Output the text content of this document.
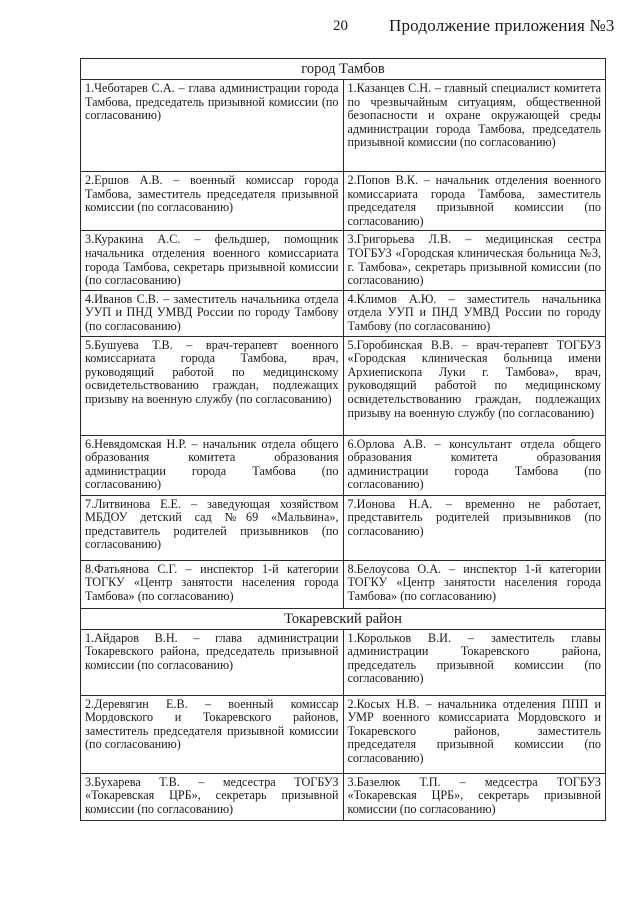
20 Продолжение приложения №3
город Тамбов	
1.Чеботарев С.А. – глава администрации города Тамбова, председатель призывной комиссии (по согласованию)	1.Казанцев С.Н. – главный специалист комитета по чрезвычайным ситуациям, общественной безопасности и охране окружающей среды администрации города Тамбова, председатель призывной комиссии (по согласованию)
2.Ершов А.В. – военный комиссар города Тамбова, заместитель председателя призывной комиссии (по согласованию)	2.Попов В.К. – начальник отделения военного комиссариата города Тамбова, заместитель председателя призывной комиссии (по согласованию)
3.Куракина А.С. – фельдшер, помощник начальника отделения военного комиссариата города Тамбова, секретарь призывной комиссии (по согласованию)	3.Григорьева Л.В. – медицинская сестра ТОГБУЗ «Городская клиническая больница №3, г. Тамбова», секретарь призывной комиссии (по согласованию)
4.Иванов С.В. – заместитель начальника отдела УУП и ПНД УМВД России по городу Тамбову (по согласованию)	4.Климов А.Ю. – заместитель начальника отдела УУП и ПНД УМВД России по городу Тамбову (по согласованию)
5.Бушуева Т.В. – врач-терапевт военного комиссариата города Тамбова, врач, руководящий работой по медицинскому освидетельствованию граждан, подлежащих призыву на военную службу (по согласованию)	5.Горобинская В.В. – врач-терапевт ТОГБУЗ «Городская клиническая больница имени Архиепископа Луки г. Тамбова», врач, руководящий работой по медицинскому освидетельствованию граждан, подлежащих призыву на военную службу (по согласованию)
6.Невядомская Н.Р. – начальник отдела общего образования комитета образования администрации города Тамбова (по согласованию)	6.Орлова А.В. – консультант отдела общего образования комитета образования администрации города Тамбова (по согласованию)
7.Литвинова Е.Е. – заведующая хозяйством МБДОУ детский сад №69 «Мальвина», представитель родителей призывников (по согласованию)	7.Ионова Н.А. – временно не работает, представитель родителей призывников (по согласованию)
8.Фатьянова С.Г. – инспектор 1-й категории ТОГКУ «Центр занятости населения города Тамбова» (по согласованию)	8.Белоусова О.А. – инспектор 1-й категории ТОГКУ «Центр занятости населения города Тамбова» (по согласованию)
Токаревский район	
1.Айдаров В.Н. – глава администрации Токаревского района, председатель призывной комиссии (по согласованию)	1.Корольков В.И. – заместитель главы администрации Токаревского района, председатель призывной комиссии (по согласованию)
2.Деревягин Е.В. – военный комиссар Мордовского и Токаревского районов, заместитель председателя призывной комиссии (по согласованию)	2.Косых Н.В. – начальника отделения ППП и УМР военного комиссариата Мордовского и Токаревского районов, заместитель председателя призывной комиссии (по согласованию)
3.Бухарева Т.В. – медсестра ТОГБУЗ «Токаревская ЦРБ», секретарь призывной комиссии (по согласованию)	3.Базелюк Т.П. – медсестра ТОГБУЗ «Токаревская ЦРБ», секретарь призывной комиссии (по согласованию)
